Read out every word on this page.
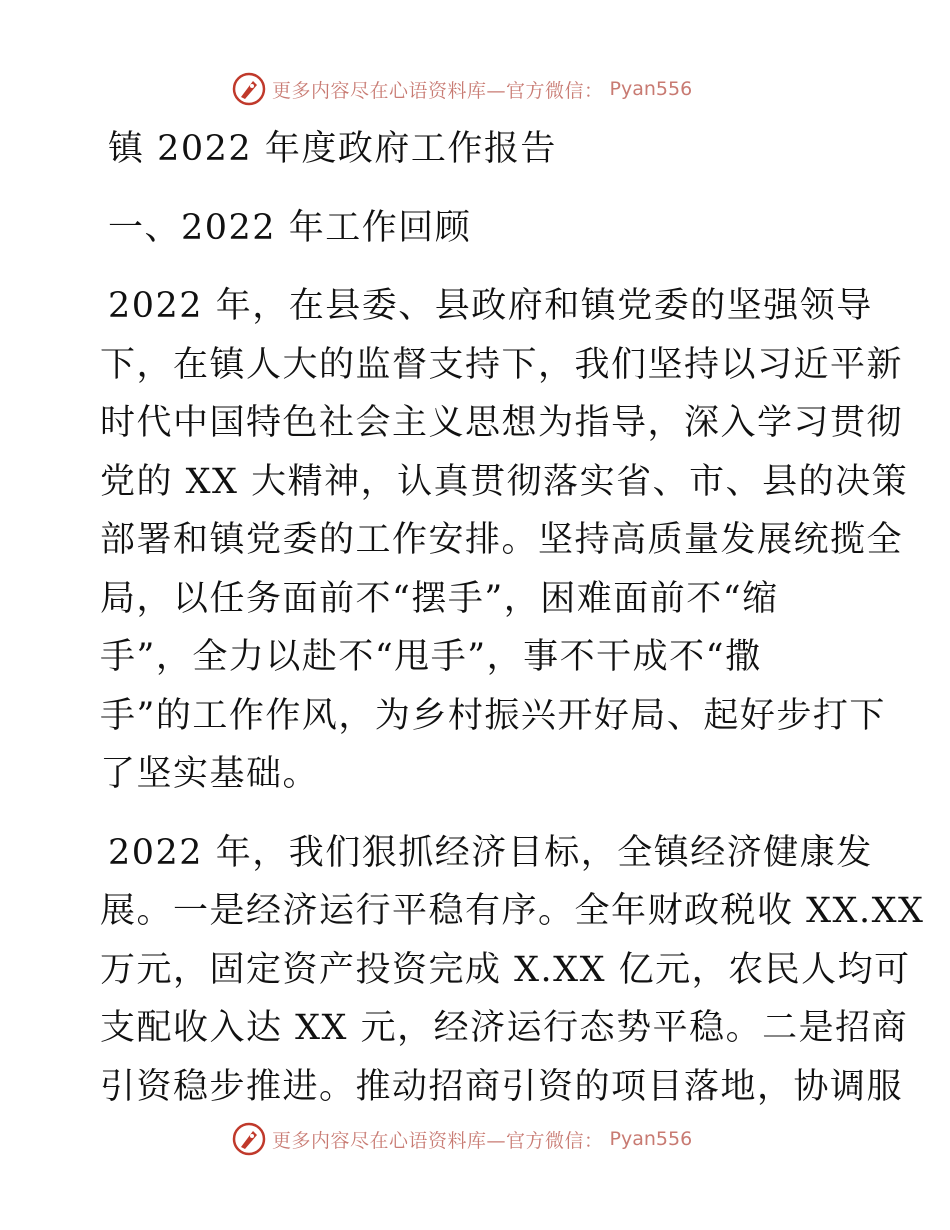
更多内容尽在心语资料库—官方微信： Pyan556
镇 2022 年度政府工作报告
一、2022 年工作回顾
2022 年，在县委、县政府和镇党委的坚强领导
下，在镇人大的监督支持下，我们坚持以习近平新
时代中国特色社会主义思想为指导，深入学习贯彻
党的 XX 大精神，认真贯彻落实省、市、县的决策
部署和镇党委的工作安排。坚持高质量发展统揽全
局，以任务面前不“摆手”，困难面前不“缩
手”，全力以赴不“甩手”，事不干成不“撒
手”的工作作风，为乡村振兴开好局、起好步打下
了坚实基础。
2022 年，我们狠抓经济目标，全镇经济健康发
展。一是经济运行平稳有序。全年财政税收 XX.XX
万元，固定资产投资完成 X.XX 亿元，农民人均可
支配收入达 XX 元，经济运行态势平稳。二是招商
引资稳步推进。推动招商引资的项目落地，协调服
更多内容尽在心语资料库—官方微信： Pyan556
